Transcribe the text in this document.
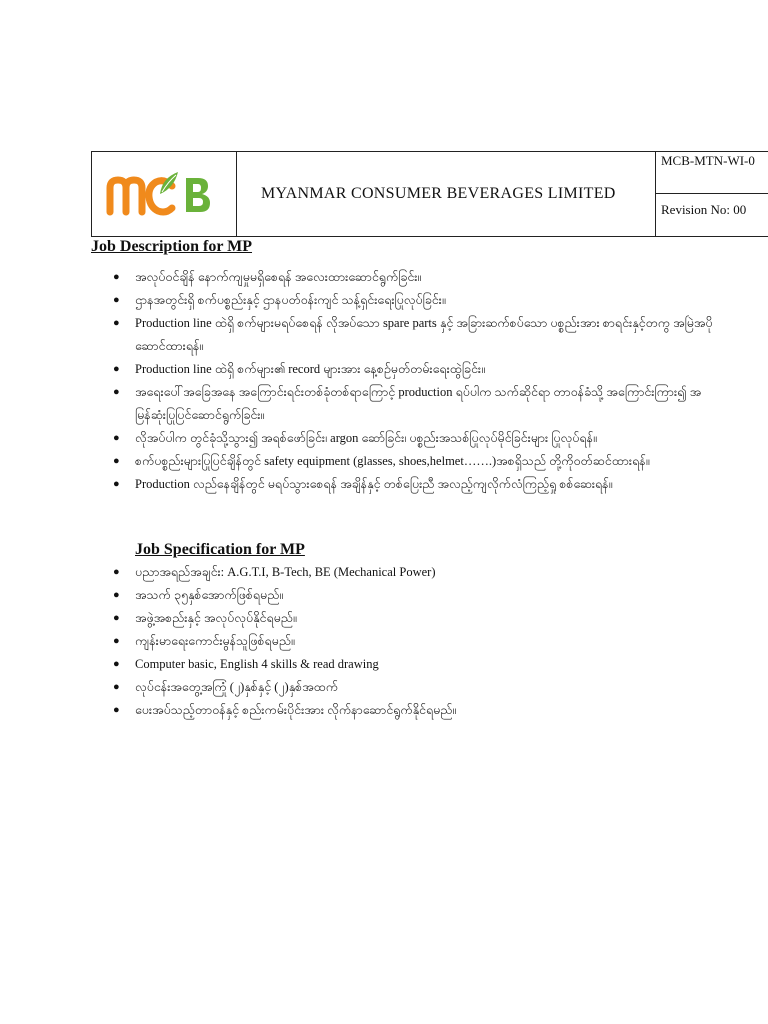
MYANMAR CONSUMER BEVERAGES LIMITED
MCB-MTN-WI-0
Revision No: 00
Job Description for MP
● အလုပ်ဝင်ချိန် နောက်ကျမှုမရှိစေရန် အလေးထားဆောင်ရွက်ခြင်း။
● ဌာနအတွင်းရှိ စက်ပစ္စည်းနှင့် ဌာနပတ်ဝန်းကျင် သန့်ရှင်းရေးပြုလုပ်ခြင်း။
● Production line ထဲရှိ စက်များမရပ်စေရန် လိုအပ်သော spare parts နှင့် အခြားဆက်စပ်သော ပစ္စည်းအား စာရင်းနှင့်တကွ အမြဲအပိုဆောင်ထားရန်။
● Production line ထဲရှိ စက်များ၏ record များအား နေ့စဉ်မှတ်တမ်းရေးထွဲခြင်း။
● အရေးပေါ်အခြေအနေ အကြောင်းရင်းတစ်ခုံတစ်ရာကြောင့် production ရပ်ပါက သက်ဆိုင်ရာ တာဝန်ခံသို့ အကြောင်းကြား၍ အမြန်ဆုံးပြုပြင်ဆောင်ရွက်ခြင်း။
● လိုအပ်ပါက တွင်ခုံသို့သွား၍ အရစ်ဖော်ခြင်း၊ argon ဆော်ခြင်း၊ ပစ္စည်းအသစ်ပြုလုပ်မိုင်ခြင်းများ ပြုလုပ်ရန်။
● စက်ပစ္စည်းများပြုပြင်ချိန်တွင် safety equipment (glasses, shoes,helmet…….)အစရှိသည် တို့ကိုဝတ်ဆင်ထားရန်။
● Production လည်နေချိန်တွင် မရပ်သွားစေရန် အချိန်နှင့် တစ်ပြေးညီ အလည့်ကျလိုက်လံကြည့်ရှု စစ်ဆေးရန်။
Job Specification for MP
● ပညာအရည်အချင်း: A.G.T.I, B-Tech, BE (Mechanical Power)
● အသက် ၃၅နှစ်အောက်ဖြစ်ရမည်။
● အဖွဲ့အစည်းနှင့် အလုပ်လုပ်နိုင်ရမည်။
● ကျန်းမာရေးကောင်းမွန်သူဖြစ်ရမည်။
● Computer basic, English 4 skills & read drawing
● လုပ်ငန်းအတွေ့အကြုံ (၂)နှစ်နှင့် (၂)နှစ်အထက်
● ပေးအပ်သည့်တာဝန်နှင့် စည်းကမ်းပိုင်းအား လိုက်နာဆောင်ရွက်နိုင်ရမည်။
